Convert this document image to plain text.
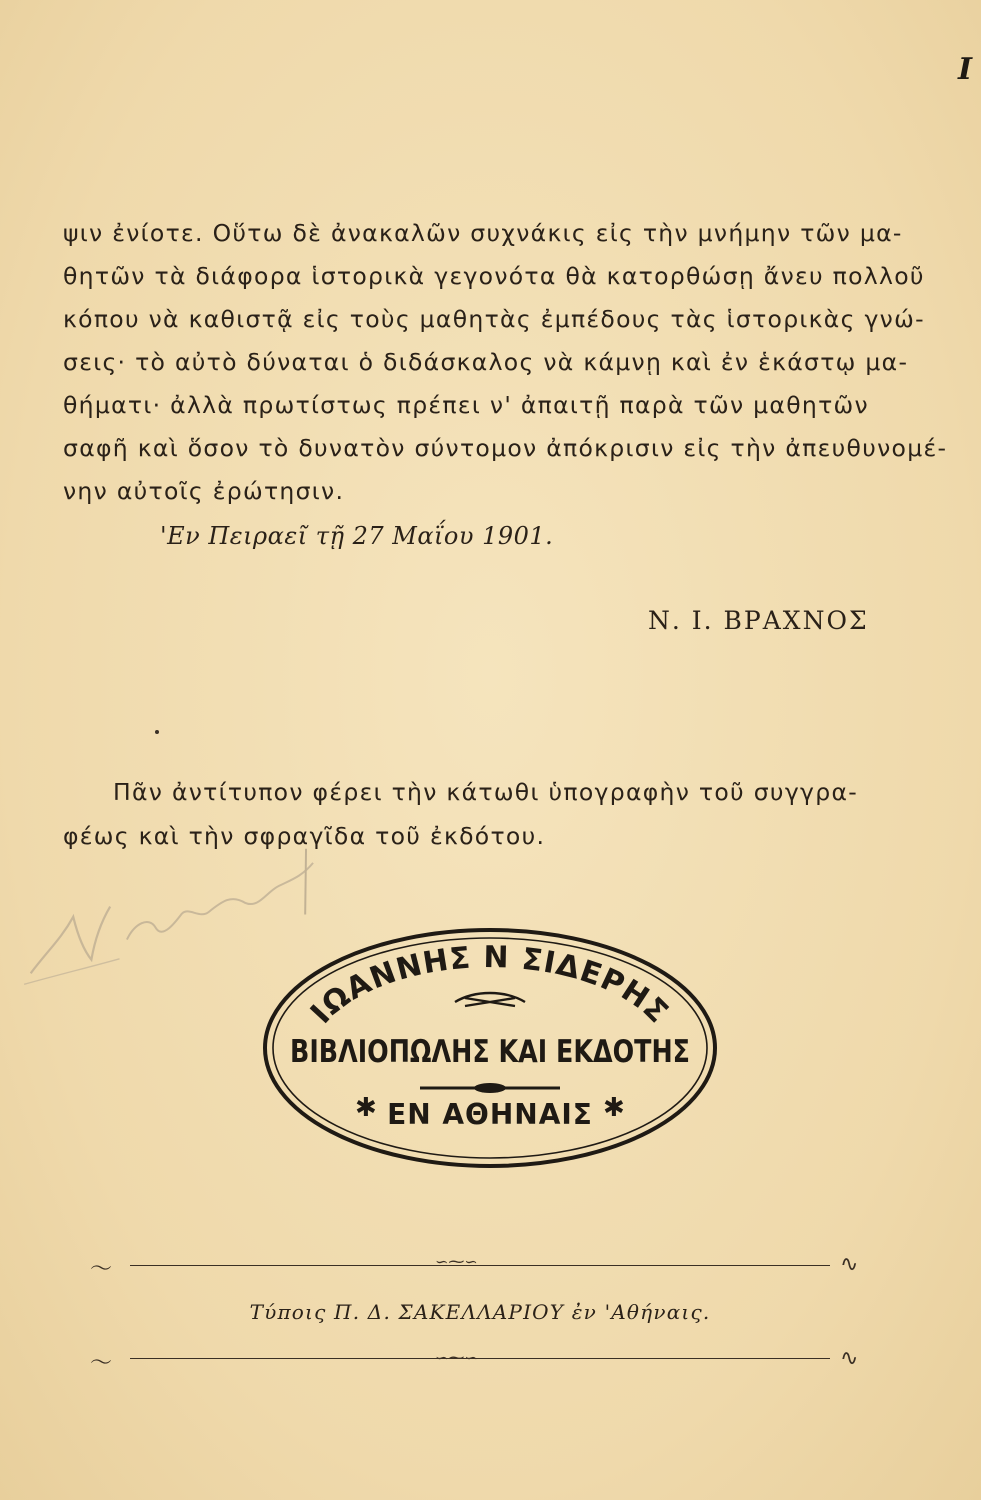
I
ψιν ἐνίοτε. Οὕτω δὲ ἀνακαλῶν συχνάκις εἰς τὴν μνήμην τῶν μα-
θητῶν τὰ διάφορα ἱστορικὰ γεγονότα θὰ κατορθώσῃ ἄνευ πολλοῦ
κόπου νὰ καθιστᾷ εἰς τοὺς μαθητὰς ἐμπέδους τὰς ἱστορικὰς γνώ-
σεις· τὸ αὐτὸ δύναται ὁ διδάσκαλος νὰ κάμνῃ καὶ ἐν ἑκάστῳ μα-
θήματι· ἀλλὰ πρωτίστως πρέπει ν' ἀπαιτῇ παρὰ τῶν μαθητῶν
σαφῆ καὶ ὅσον τὸ δυνατὸν σύντομον ἀπόκρισιν εἰς τὴν ἀπευθυνομέ-
νην αὐτοῖς ἐρώτησιν.
'Εν Πειραεῖ τῇ 27 Μαΐου 1901.
Ν. Ι. ΒΡΑΧΝΟΣ
Πᾶν ἀντίτυπον φέρει τὴν κάτωθι ὑπογραφὴν τοῦ συγγρα-
φέως καὶ τὴν σφραγῖδα τοῦ ἐκδότου.
ΙΩΑΝΝΗΣ Ν ΣΙΔΕΡΗΣ
ΒΙΒΛΙΟΠΩΛΗΣ ΚΑΙ ΕΚΔΟΤΗΣ
ΕΝ ΑΘΗΝΑΙΣ
✱	✱
〜	∽⁓∽	∿
Τύποις Π. Δ. ΣΑΚΕΛΛΑΡΙΟΥ ἐν 'Αθήναις.
〜	∽⁓∽	∿
